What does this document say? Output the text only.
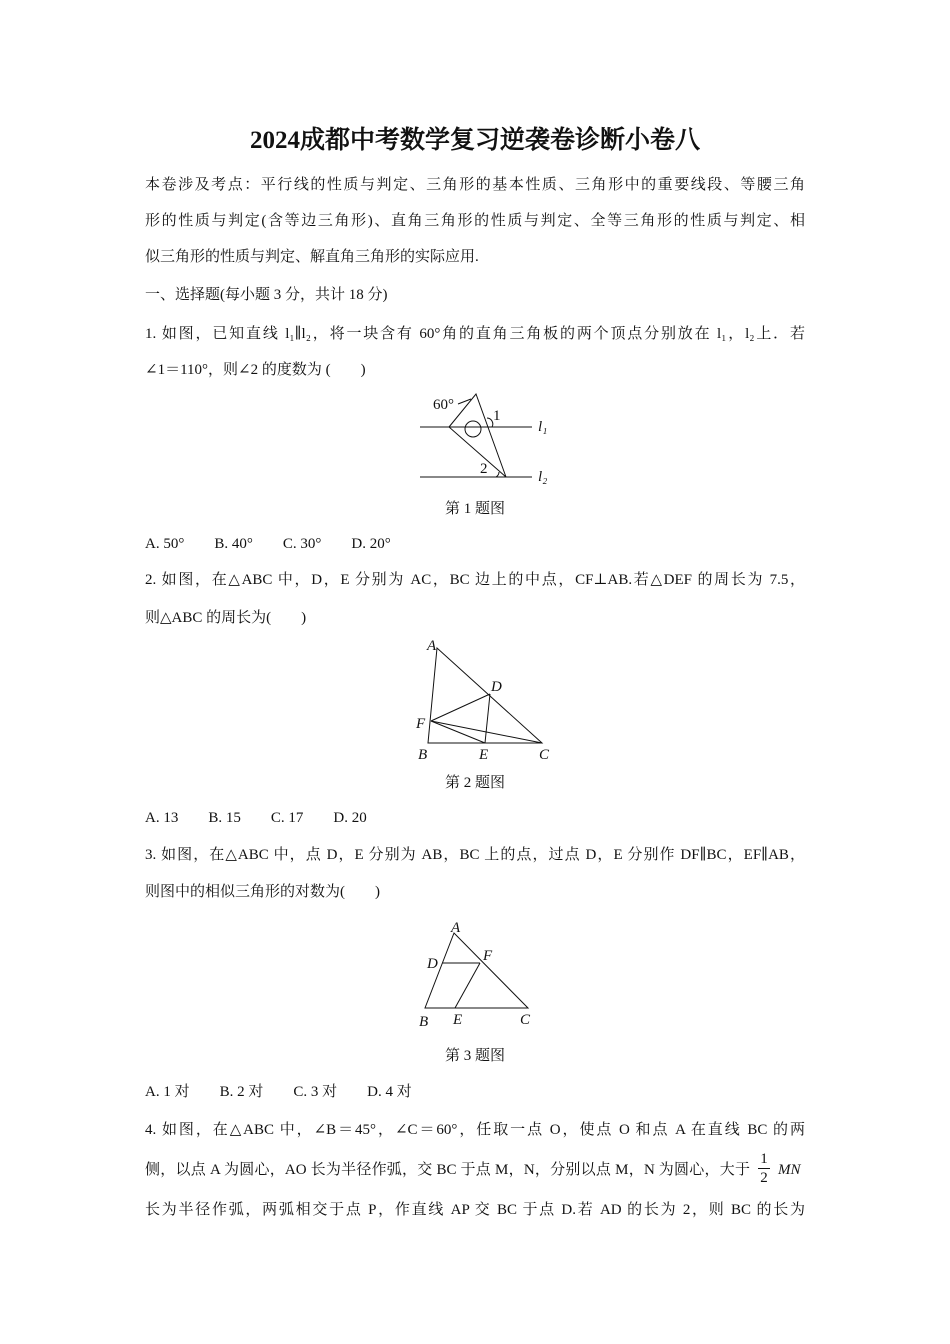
2024成都中考数学复习逆袭卷诊断小卷八
本卷涉及考点：平行线的性质与判定、三角形的基本性质、三角形中的重要线段、等腰三角
形的性质与判定(含等边三角形)、直角三角形的性质与判定、全等三角形的性质与判定、相
似三角形的性质与判定、解直角三角形的实际应用.
一、选择题(每小题 3 分，共计 18 分)
1. 如图，已知直线 l₁∥l₂，将一块含有 60°角的直角三角板的两个顶点分别放在 l₁，l₂上．若
∠1＝110°，则∠2 的度数为 (　　)
60°
1
2
l₁
l₂
第 1 题图
A. 50° B. 40° C. 30° D. 20°
2. 如图，在△ABC 中，D，E 分别为 AC，BC 边上的中点，CF⊥AB.若△DEF 的周长为 7.5，
则△ABC 的周长为(　　)
A
B	C
D
E
F
第 2 题图
A. 13 B. 15 C. 17 D. 20
3. 如图，在△ABC 中，点 D，E 分别为 AB，BC 上的点，过点 D，E 分别作 DF∥BC，EF∥AB，
则图中的相似三角形的对数为(　　)
A
B	C
D
E
F
第 3 题图
A. 1 对 B. 2 对 C. 3 对 D. 4 对
4. 如图，在△ABC 中，∠B＝45°，∠C＝60°，任取一点 O，使点 O 和点 A 在直线 BC 的两
侧，以点 A 为圆心，AO 长为半径作弧，交 BC 于点 M，N，分别以点 M，N 为圆心，大于 $\frac{1}{2}$ MN
长为半径作弧，两弧相交于点 P，作直线 AP 交 BC 于点 D.若 AD 的长为 2，则 BC 的长为
